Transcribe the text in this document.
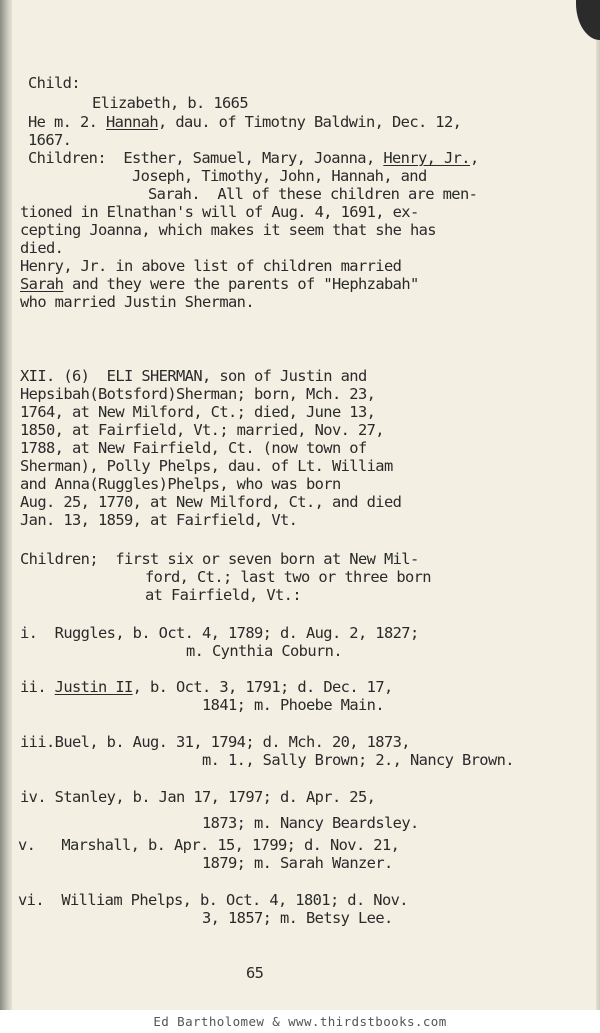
Child:
Elizabeth, b. 1665
He m. 2. Hannah, dau. of Timotny Baldwin, Dec. 12,
1667.
Children:  Esther, Samuel, Mary, Joanna, Henry, Jr.,
Joseph, Timothy, John, Hannah, and
Sarah.  All of these children are men-
tioned in Elnathan's will of Aug. 4, 1691, ex-
cepting Joanna, which makes it seem that she has
died.
Henry, Jr. in above list of children married
Sarah and they were the parents of "Hephzabah"
who married Justin Sherman.
XII. (6)  ELI SHERMAN, son of Justin and
Hepsibah(Botsford)Sherman; born, Mch. 23,
1764, at New Milford, Ct.; died, June 13,
1850, at Fairfield, Vt.; married, Nov. 27,
1788, at New Fairfield, Ct. (now town of
Sherman), Polly Phelps, dau. of Lt. William
and Anna(Ruggles)Phelps, who was born
Aug. 25, 1770, at New Milford, Ct., and died
Jan. 13, 1859, at Fairfield, Vt.
Children;  first six or seven born at New Mil-
ford, Ct.; last two or three born
at Fairfield, Vt.:
i.  Ruggles, b. Oct. 4, 1789; d. Aug. 2, 1827;
m. Cynthia Coburn.
ii. Justin II, b. Oct. 3, 1791; d. Dec. 17,
1841; m. Phoebe Main.
iii.Buel, b. Aug. 31, 1794; d. Mch. 20, 1873,
m. 1., Sally Brown; 2., Nancy Brown.
iv. Stanley, b. Jan 17, 1797; d. Apr. 25,
1873; m. Nancy Beardsley.
v.   Marshall, b. Apr. 15, 1799; d. Nov. 21,
1879; m. Sarah Wanzer.
vi.  William Phelps, b. Oct. 4, 1801; d. Nov.
3, 1857; m. Betsy Lee.
65
Ed Bartholomew & www.thirdstbooks.com
